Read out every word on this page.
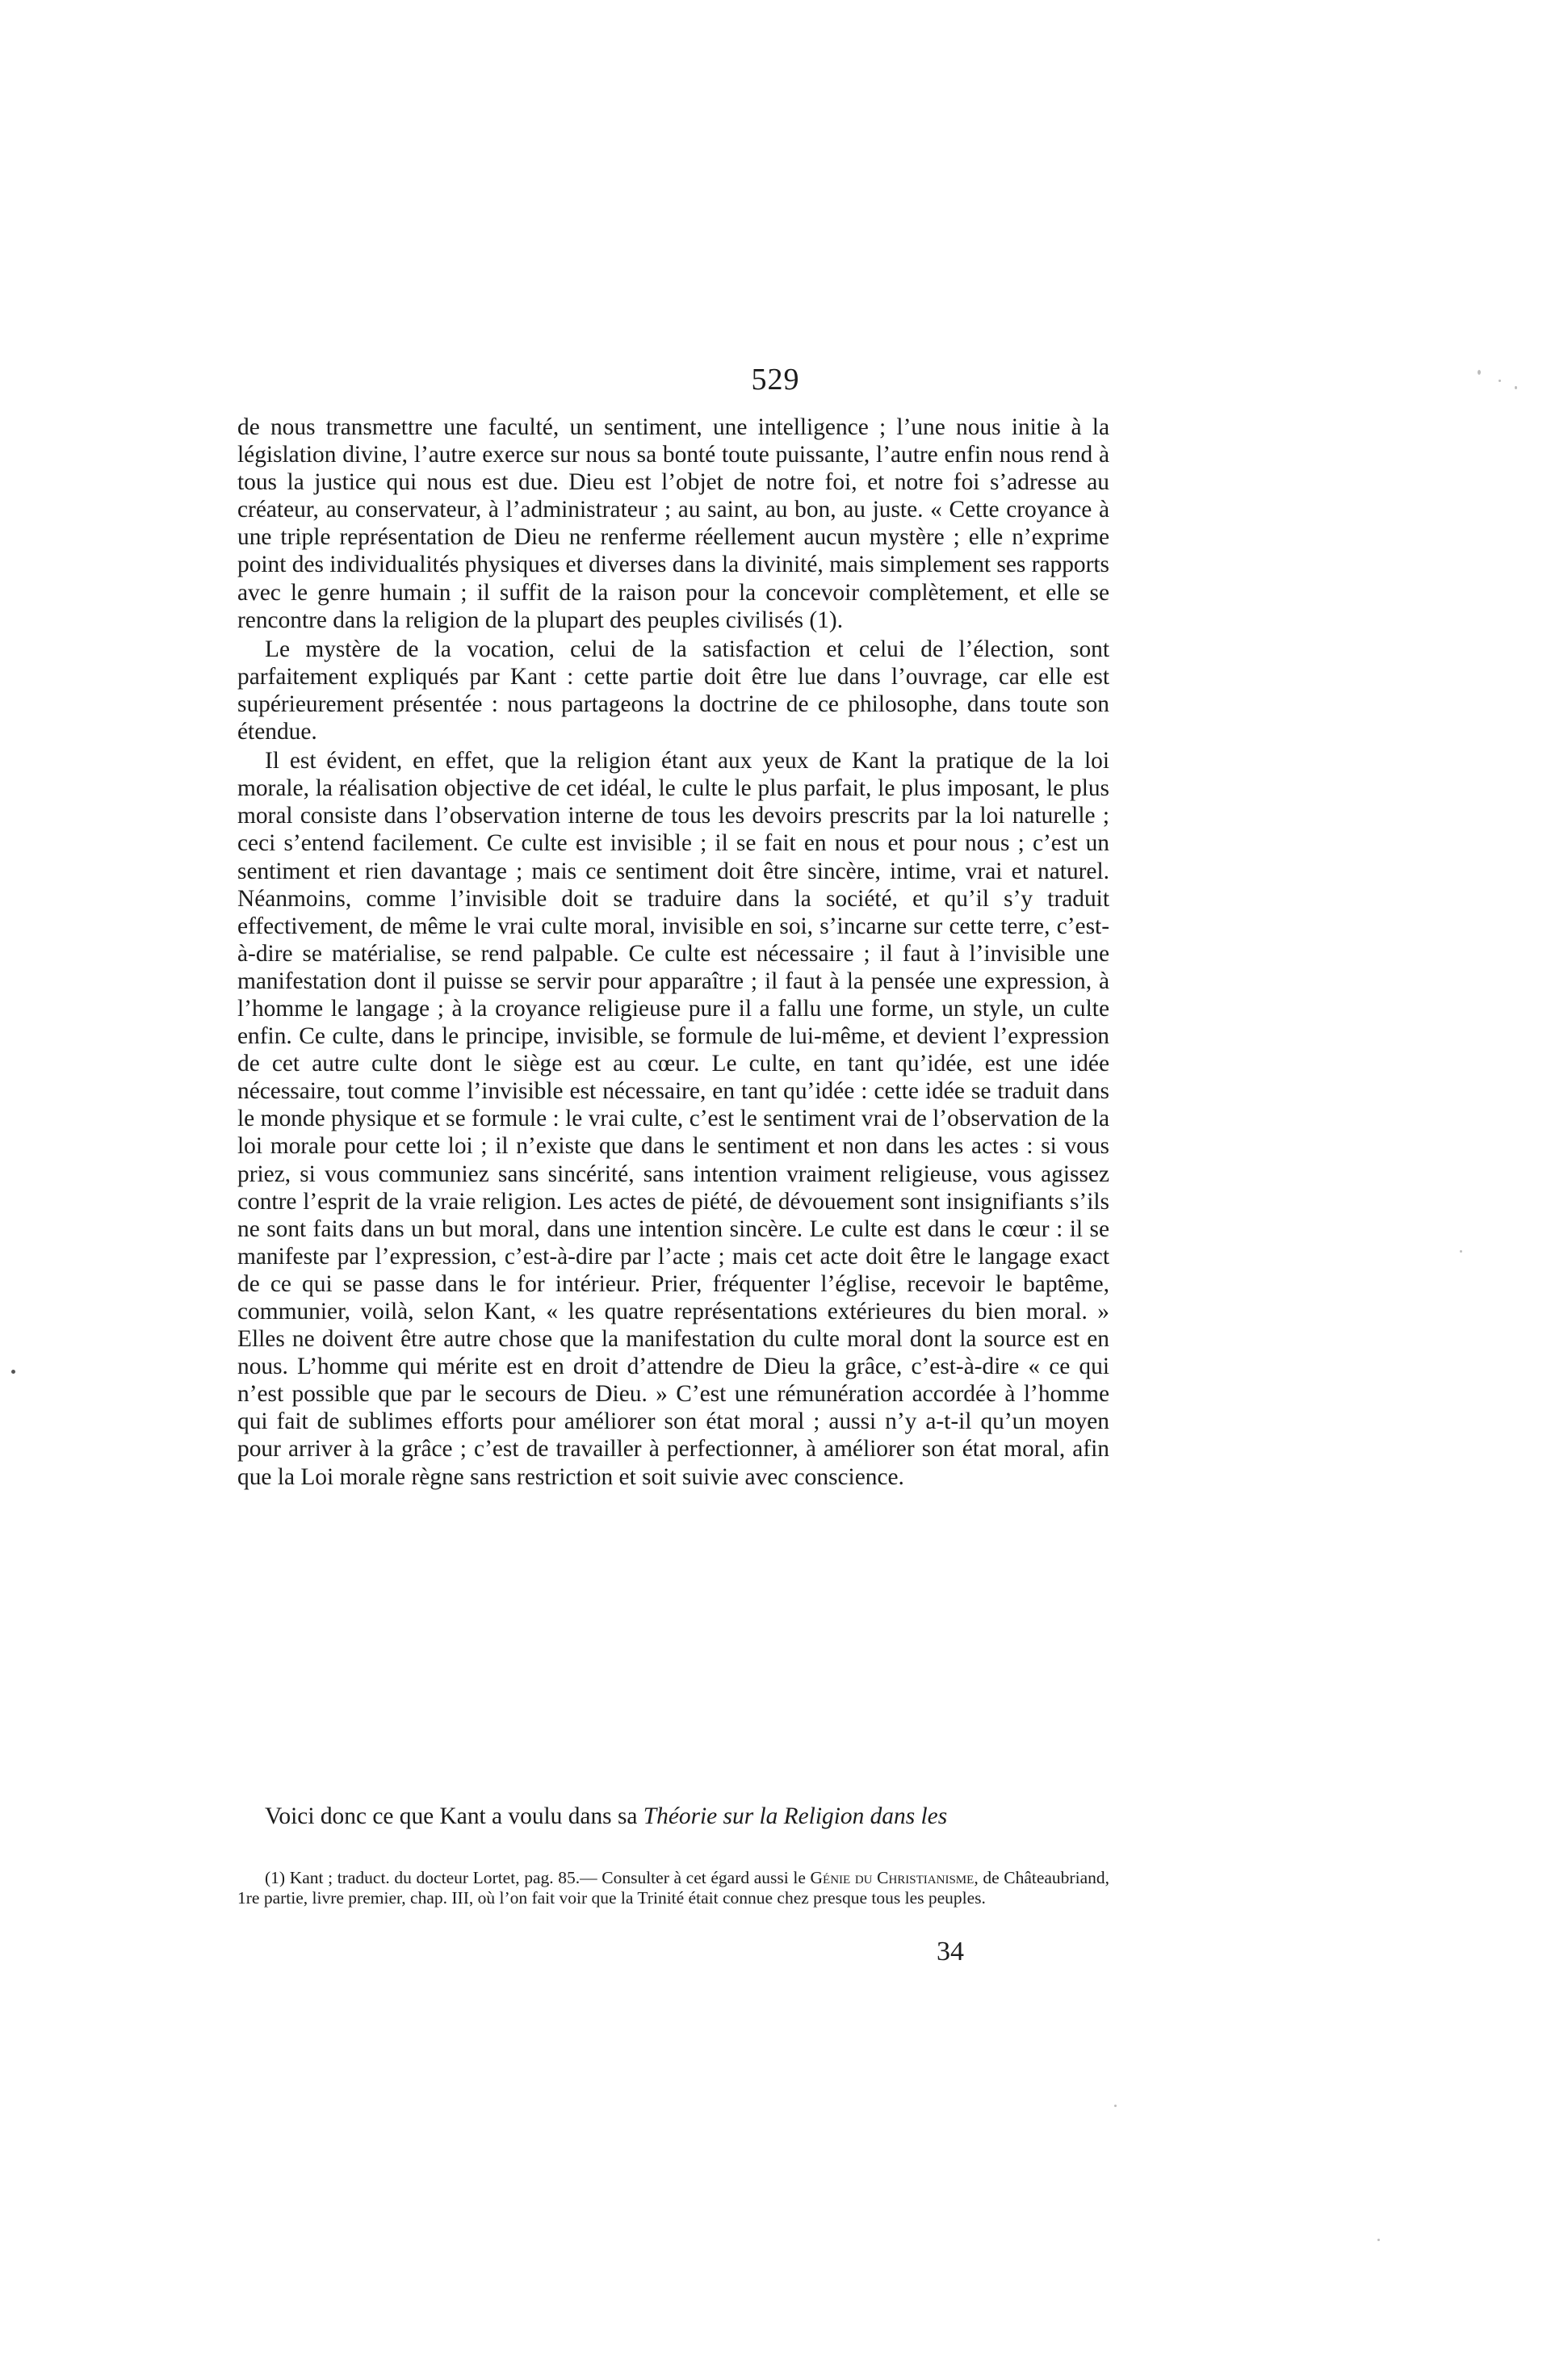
529

de nous transmettre une faculté, un sentiment, une intelligence ; l’une nous initie à la législation divine, l’autre exerce sur nous sa bonté toute puissante, l’autre enfin nous rend à tous la justice qui nous est due. Dieu est l’objet de notre foi, et notre foi s’adresse au créateur, au conservateur, à l’administrateur ; au saint, au bon, au juste. « Cette croyance à une triple représentation de Dieu ne renferme réellement aucun mystère ; elle n’exprime point des individualités physiques et diverses dans la divinité, mais simplement ses rapports avec le genre humain ; il suffit de la raison pour la concevoir complètement, et elle se rencontre dans la religion de la plupart des peuples civilisés (1).

Le mystère de la vocation, celui de la satisfaction et celui de l’élection, sont parfaitement expliqués par Kant : cette partie doit être lue dans l’ouvrage, car elle est supérieurement présentée : nous partageons la doctrine de ce philosophe, dans toute son étendue.

Il est évident, en effet, que la religion étant aux yeux de Kant la pratique de la loi morale, la réalisation objective de cet idéal, le culte le plus parfait, le plus imposant, le plus moral consiste dans l’observation interne de tous les devoirs prescrits par la loi naturelle ; ceci s’entend facilement. Ce culte est invisible ; il se fait en nous et pour nous ; c’est un sentiment et rien davantage ; mais ce sentiment doit être sincère, intime, vrai et naturel. Néanmoins, comme l’invisible doit se traduire dans la société, et qu’il s’y traduit effectivement, de même le vrai culte moral, invisible en soi, s’incarne sur cette terre, c’est-à-dire se matérialise, se rend palpable. Ce culte est nécessaire ; il faut à l’invisible une manifestation dont il puisse se servir pour apparaître ; il faut à la pensée une expression, à l’homme le langage ; à la croyance religieuse pure il a fallu une forme, un style, un culte enfin. Ce culte, dans le principe, invisible, se formule de lui-même, et devient l’expression de cet autre culte dont le siège est au cœur. Le culte, en tant qu’idée, est une idée nécessaire, tout comme l’invisible est nécessaire, en tant qu’idée : cette idée se traduit dans le monde physique et se formule : le vrai culte, c’est le sentiment vrai de l’observation de la loi morale pour cette loi ; il n’existe que dans le sentiment et non dans les actes : si vous priez, si vous communiez sans sincérité, sans intention vraiment religieuse, vous agissez contre l’esprit de la vraie religion. Les actes de piété, de dévouement sont insignifiants s’ils ne sont faits dans un but moral, dans une intention sincère. Le culte est dans le cœur : il se manifeste par l’expression, c’est-à-dire par l’acte ; mais cet acte doit être le langage exact de ce qui se passe dans le for intérieur. Prier, fréquenter l’église, recevoir le baptême, communier, voilà, selon Kant, « les quatre représentations extérieures du bien moral. » Elles ne doivent être autre chose que la manifestation du culte moral dont la source est en nous. L’homme qui mérite est en droit d’attendre de Dieu la grâce, c’est-à-dire « ce qui n’est possible que par le secours de Dieu. » C’est une rémunération accordée à l’homme qui fait de sublimes efforts pour améliorer son état moral ; aussi n’y a-t-il qu’un moyen pour arriver à la grâce ; c’est de travailler à perfectionner, à améliorer son état moral, afin que la Loi morale règne sans restriction et soit suivie avec conscience.

Voici donc ce que Kant a voulu dans sa Théorie sur la Religion dans les

(1) Kant ; traduct. du docteur Lortet, pag. 85.— Consulter à cet égard aussi le Génie du Christianisme, de Châteaubriand, 1re partie, livre premier, chap. III, où l’on fait voir que la Trinité était connue chez presque tous les peuples.

34
